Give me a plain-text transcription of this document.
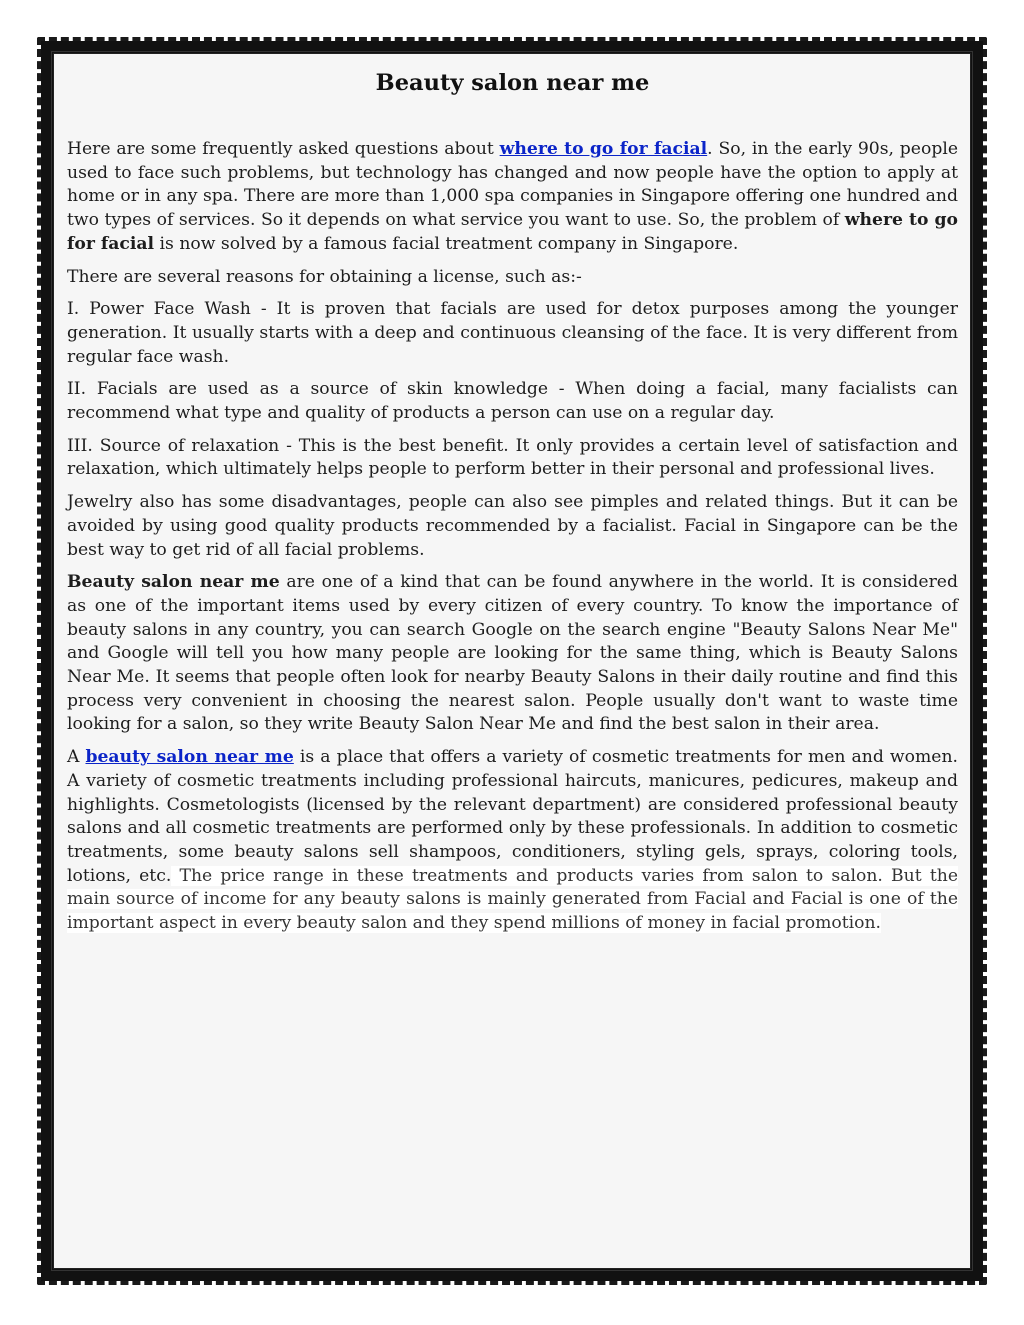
Beauty salon near me

Here are some frequently asked questions about where to go for facial. So, in the early 90s, people used to face such problems, but technology has changed and now people have the option to apply at home or in any spa. There are more than 1,000 spa companies in Singapore offering one hundred and two types of services. So it depends on what service you want to use. So, the problem of where to go for facial is now solved by a famous facial treatment company in Singapore.

There are several reasons for obtaining a license, such as:-

I. Power Face Wash - It is proven that facials are used for detox purposes among the younger generation. It usually starts with a deep and continuous cleansing of the face. It is very different from regular face wash.

II. Facials are used as a source of skin knowledge - When doing a facial, many facialists can recommend what type and quality of products a person can use on a regular day.

III. Source of relaxation - This is the best benefit. It only provides a certain level of satisfaction and relaxation, which ultimately helps people to perform better in their personal and professional lives.

Jewelry also has some disadvantages, people can also see pimples and related things. But it can be avoided by using good quality products recommended by a facialist. Facial in Singapore can be the best way to get rid of all facial problems.

Beauty salon near me are one of a kind that can be found anywhere in the world. It is considered as one of the important items used by every citizen of every country. To know the importance of beauty salons in any country, you can search Google on the search engine "Beauty Salons Near Me" and Google will tell you how many people are looking for the same thing, which is Beauty Salons Near Me. It seems that people often look for nearby Beauty Salons in their daily routine and find this process very convenient in choosing the nearest salon. People usually don't want to waste time looking for a salon, so they write Beauty Salon Near Me and find the best salon in their area.

A beauty salon near me is a place that offers a variety of cosmetic treatments for men and women. A variety of cosmetic treatments including professional haircuts, manicures, pedicures, makeup and highlights. Cosmetologists (licensed by the relevant department) are considered professional beauty salons and all cosmetic treatments are performed only by these professionals. In addition to cosmetic treatments, some beauty salons sell shampoos, conditioners, styling gels, sprays, coloring tools, lotions, etc. The price range in these treatments and products varies from salon to salon. But the main source of income for any beauty salons is mainly generated from Facial and Facial is one of the important aspect in every beauty salon and they spend millions of money in facial promotion.
